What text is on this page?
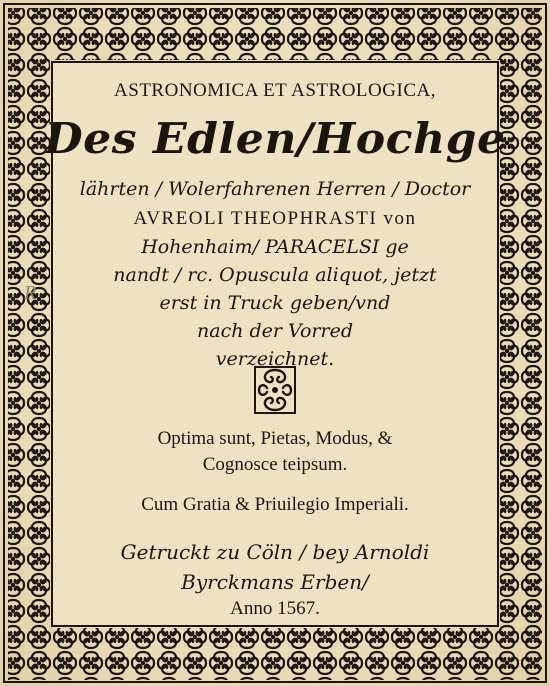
ASTRONOMICA ET ASTROLOGICA,
Des Edlen/Hochge
lährten / Wolerfahrenen Herren / Doctor
AVREOLI THEOPHRASTI von
Hohenhaim/ PARACELSI ge
nandt / rc. Opuscula aliquot, jetzt
erst in Truck geben/vnd
nach der Vorred
verzeichnet.
Optima sunt, Pietas, Modus, &
Cognosce teipsum.
Cum Gratia & Priuilegio Imperiali.
Getruckt zu Cöln / bey Arnoldi
Byrckmans Erben/
Anno 1567.
R
